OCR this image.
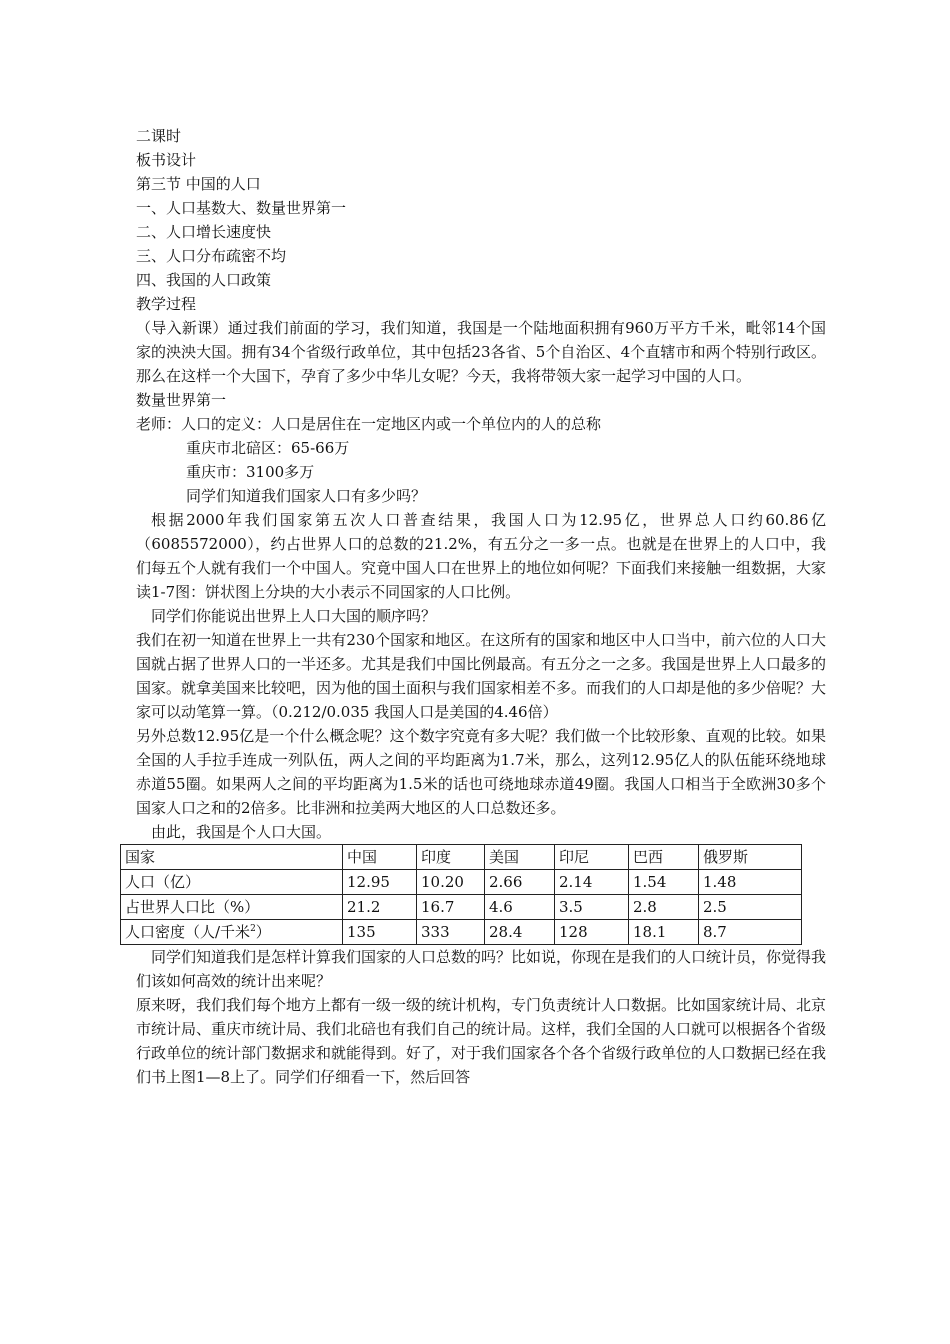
二课时
板书设计
第三节 中国的人口
一、人口基数大、数量世界第一
二、人口增长速度快
三、人口分布疏密不均
四、我国的人口政策
教学过程
（导入新课）通过我们前面的学习，我们知道，我国是一个陆地面积拥有960万平方千米，毗邻14个国家的泱泱大国。拥有34个省级行政单位，其中包括23各省、5个自治区、4个直辖市和两个特别行政区。那么在这样一个大国下，孕育了多少中华儿女呢？今天，我将带领大家一起学习中国的人口。
数量世界第一
老师：人口的定义：人口是居住在一定地区内或一个单位内的人的总称
重庆市北碚区：65-66万
重庆市：3100多万
同学们知道我们国家人口有多少吗？
根据2000年我们国家第五次人口普查结果，我国人口为12.95亿，世界总人口约60.86亿（6085572000），约占世界人口的总数的21.2%，有五分之一多一点。也就是在世界上的人口中，我们每五个人就有我们一个中国人。究竟中国人口在世界上的地位如何呢？下面我们来接触一组数据，大家读1-7图：饼状图上分块的大小表示不同国家的人口比例。
同学们你能说出世界上人口大国的顺序吗？
我们在初一知道在世界上一共有230个国家和地区。在这所有的国家和地区中人口当中，前六位的人口大国就占据了世界人口的一半还多。尤其是我们中国比例最高。有五分之一之多。我国是世界上人口最多的国家。就拿美国来比较吧，因为他的国土面积与我们国家相差不多。而我们的人口却是他的多少倍呢？大家可以动笔算一算。（0.212/0.035 我国人口是美国的4.46倍）
另外总数12.95亿是一个什么概念呢？这个数字究竟有多大呢？我们做一个比较形象、直观的比较。如果全国的人手拉手连成一列队伍，两人之间的平均距离为1.7米，那么，这列12.95亿人的队伍能环绕地球赤道55圈。如果两人之间的平均距离为1.5米的话也可绕地球赤道49圈。我国人口相当于全欧洲30多个国家人口之和的2倍多。比非洲和拉美两大地区的人口总数还多。
由此，我国是个人口大国。
国家	中国	印度	美国	印尼	巴西	俄罗斯
人口（亿）	12.95	10.20	2.66	2.14	1.54	1.48
占世界人口比（%）	21.2	16.7	4.6	3.5	2.8	2.5
人口密度（人/千米$^2$）	135	333	28.4	128	18.1	8.7
同学们知道我们是怎样计算我们国家的人口总数的吗？比如说，你现在是我们的人口统计员，你觉得我们该如何高效的统计出来呢？
原来呀，我们我们每个地方上都有一级一级的统计机构，专门负责统计人口数据。比如国家统计局、北京市统计局、重庆市统计局、我们北碚也有我们自己的统计局。这样，我们全国的人口就可以根据各个省级行政单位的统计部门数据求和就能得到。好了，对于我们国家各个各个省级行政单位的人口数据已经在我们书上图1—8上了。同学们仔细看一下，然后回答
